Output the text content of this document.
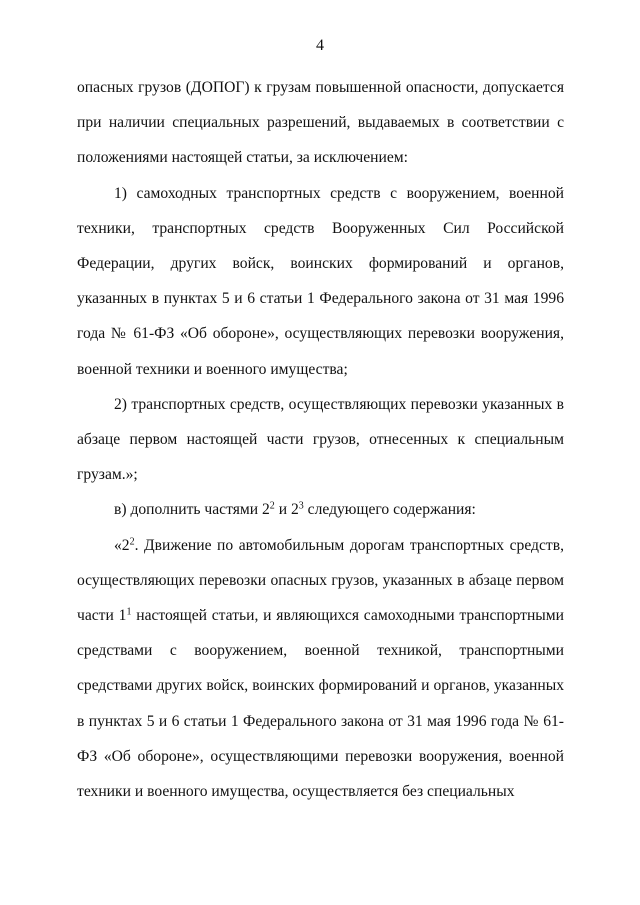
4

опасных грузов (ДОПОГ) к грузам повышенной опасности, допускается при наличии специальных разрешений, выдаваемых в соответствии с положениями настоящей статьи, за исключением:

1) самоходных транспортных средств с вооружением, военной техники, транспортных средств Вооруженных Сил Российской Федерации, других войск, воинских формирований и органов, указанных в пунктах 5 и 6 статьи 1 Федерального закона от 31 мая 1996 года № 61-ФЗ «Об обороне», осуществляющих перевозки вооружения, военной техники и военного имущества;

2) транспортных средств, осуществляющих перевозки указанных в абзаце первом настоящей части грузов, отнесенных к специальным грузам.»;

в) дополнить частями $2^2$ и $2^3$ следующего содержания:

«$2^2$. Движение по автомобильным дорогам транспортных средств, осуществляющих перевозки опасных грузов, указанных в абзаце первом части $1^1$ настоящей статьи, и являющихся самоходными транспортными средствами с вооружением, военной техникой, транспортными средствами других войск, воинских формирований и органов, указанных в пунктах 5 и 6 статьи 1 Федерального закона от 31 мая 1996 года № 61-ФЗ «Об обороне», осуществляющими перевозки вооружения, военной техники и военного имущества, осуществляется без специальных
